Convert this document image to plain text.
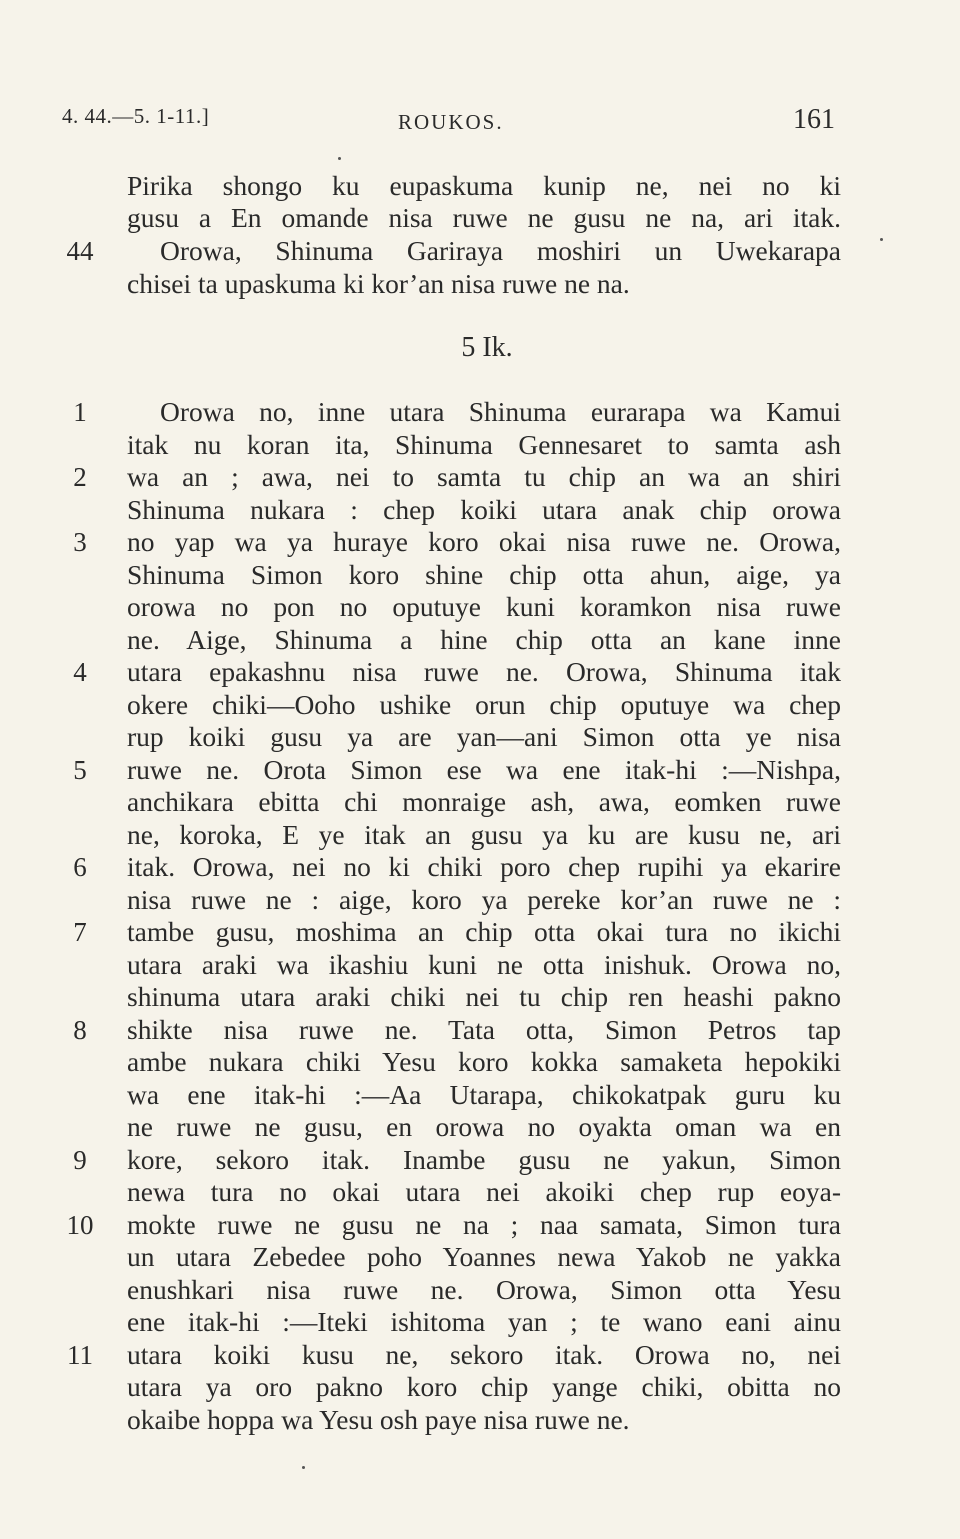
4. 44.—5. 1-11.]	ROUKOS.	161
Pirika shongo ku eupaskuma kunip ne, nei no ki
gusu a En omande nisa ruwe ne gusu ne na, ari itak.
44 Orowa, Shinuma Gariraya moshiri un Uwekarapa
chisei ta upaskuma ki kor’an nisa ruwe ne na.
5 Ik.
1	Orowa no, inne utara Shinuma eurarapa wa Kamui
itak nu koran ita, Shinuma Gennesaret to samta ash
2	wa an ; awa, nei to samta tu chip an wa an shiri
Shinuma nukara : chep koiki utara anak chip orowa
3	no yap wa ya huraye koro okai nisa ruwe ne. Orowa,
Shinuma Simon koro shine chip otta ahun, aige, ya
orowa no pon no oputuye kuni koramkon nisa ruwe
ne. Aige, Shinuma a hine chip otta an kane inne
4	utara epakashnu nisa ruwe ne. Orowa, Shinuma itak
okere chiki—Ooho ushike orun chip oputuye wa chep
rup koiki gusu ya are yan—ani Simon otta ye nisa
5	ruwe ne. Orota Simon ese wa ene itak-hi :—Nishpa,
anchikara ebitta chi monraige ash, awa, eomken ruwe
ne, koroka, E ye itak an gusu ya ku are kusu ne, ari
6	itak. Orowa, nei no ki chiki poro chep rupihi ya ekarire
nisa ruwe ne : aige, koro ya pereke kor’an ruwe ne :
7	tambe gusu, moshima an chip otta okai tura no ikichi
utara araki wa ikashiu kuni ne otta inishuk. Orowa no,
shinuma utara araki chiki nei tu chip ren heashi pakno
8	shikte nisa ruwe ne. Tata otta, Simon Petros tap
ambe nukara chiki Yesu koro kokka samaketa hepokiki
wa ene itak-hi :—Aa Utarapa, chikokatpak guru ku
ne ruwe ne gusu, en orowa no oyakta oman wa en
9	kore, sekoro itak. Inambe gusu ne yakun, Simon
newa tura no okai utara nei akoiki chep rup eoya-
10 mokte ruwe ne gusu ne na ; naa samata, Simon tura
un utara Zebedee poho Yoannes newa Yakob ne yakka
enushkari nisa ruwe ne. Orowa, Simon otta Yesu
ene itak-hi :—Iteki ishitoma yan ; te wano eani ainu
11 utara koiki kusu ne, sekoro itak. Orowa no, nei
utara ya oro pakno koro chip yange chiki, obitta no
okaibe hoppa wa Yesu osh paye nisa ruwe ne.
